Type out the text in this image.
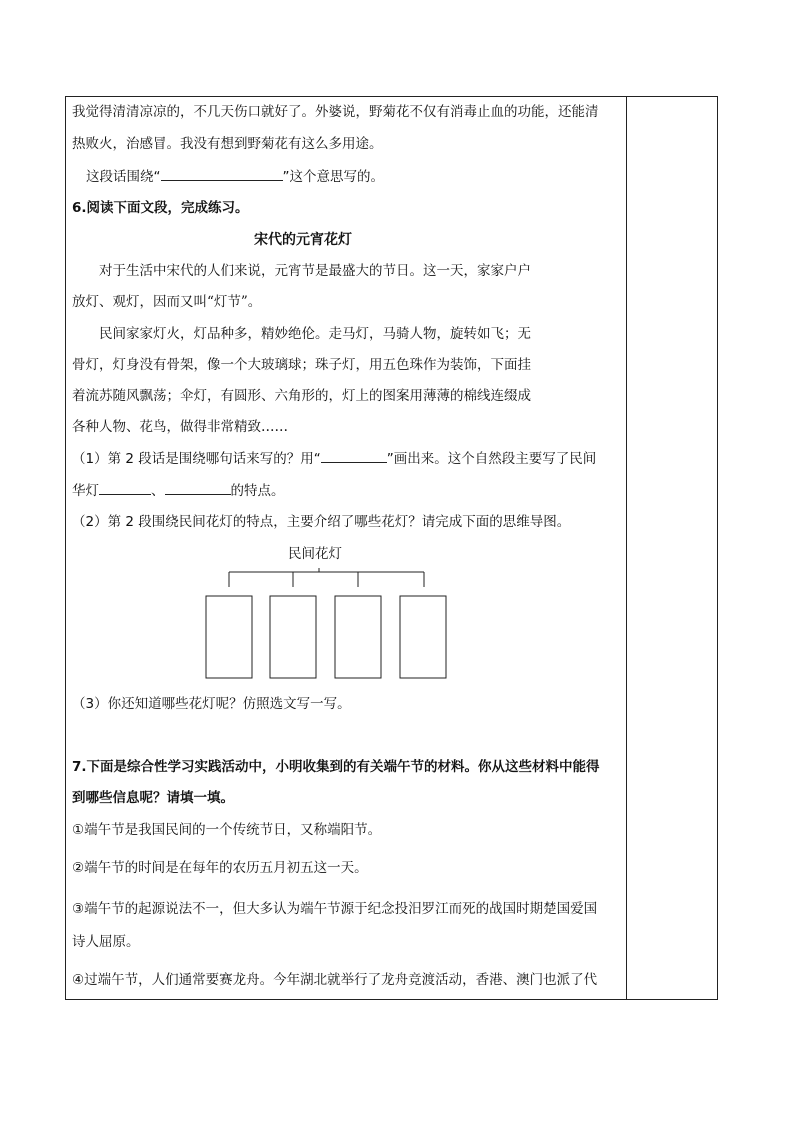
我觉得清清凉凉的，不几天伤口就好了。外婆说，野菊花不仅有消毒止血的功能，还能清
热败火，治感冒。我没有想到野菊花有这么多用途。
这段话围绕“	”这个意思写的。
6.阅读下面文段，完成练习。
宋代的元宵花灯
对于生活中宋代的人们来说，元宵节是最盛大的节日。这一天，家家户户
放灯、观灯，因而又叫“灯节”。
民间家家灯火，灯品种多，精妙绝伦。走马灯，马骑人物，旋转如飞；无
骨灯，灯身没有骨架，像一个大玻璃球；珠子灯，用五色珠作为装饰，下面挂
着流苏随风飘荡；伞灯，有圆形、六角形的，灯上的图案用薄薄的棉线连缀成
各种人物、花鸟，做得非常精致……
（1）第 2 段话是围绕哪句话来写的？用“	”画出来。这个自然段主要写了民间
华灯	、	的特点。
（2）第 2 段围绕民间花灯的特点，主要介绍了哪些花灯？请完成下面的思维导图。
民间花灯
（3）你还知道哪些花灯呢？仿照选文写一写。
7.下面是综合性学习实践活动中，小明收集到的有关端午节的材料。你从这些材料中能得
到哪些信息呢？请填一填。
①端午节是我国民间的一个传统节日，又称端阳节。
②端午节的时间是在每年的农历五月初五这一天。
③端午节的起源说法不一，但大多认为端午节源于纪念投汨罗江而死的战国时期楚国爱国
诗人屈原。
④过端午节，人们通常要赛龙舟。今年湖北就举行了龙舟竞渡活动，香港、澳门也派了代
